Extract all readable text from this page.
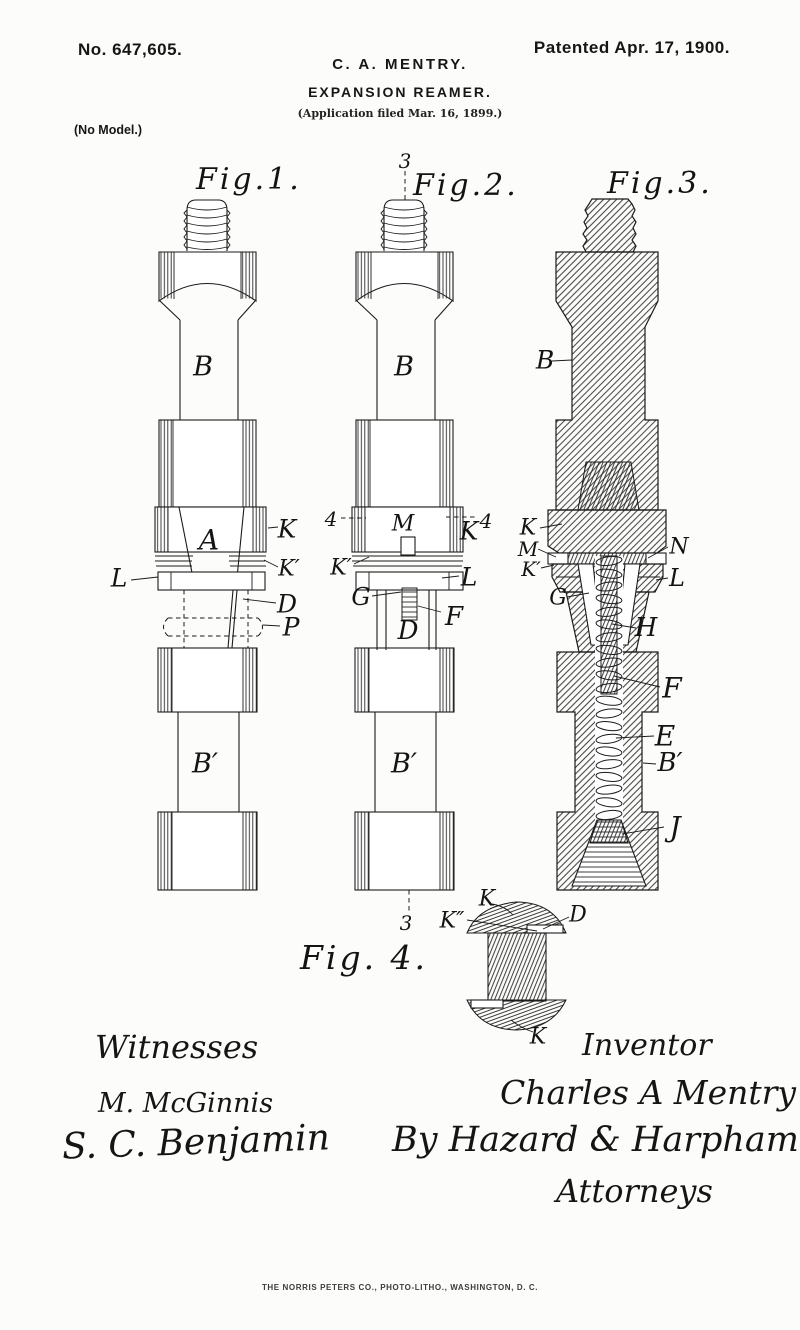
No. 647,605.	Patented Apr. 17, 1900.
C. A. MENTRY.
EXPANSION REAMER.
(Application filed Mar. 16, 1899.)
(No Model.)
Fig.1.	Fig.2.	Fig.3.
Fig. 4.
B
A K
K′
L
D
P
B′
3
4	4
B
M K
K′	L
G
F
D
B′
3
B
K
M
K′
N
L
G
H
F
E
B′
J
K
K″	D
K
Witnesses
M. McGinnis
S. C. Benjamin
Inventor
Charles A Mentry
By Hazard & Harpham
Attorneys
THE NORRIS PETERS CO., PHOTO-LITHO., WASHINGTON, D. C.
